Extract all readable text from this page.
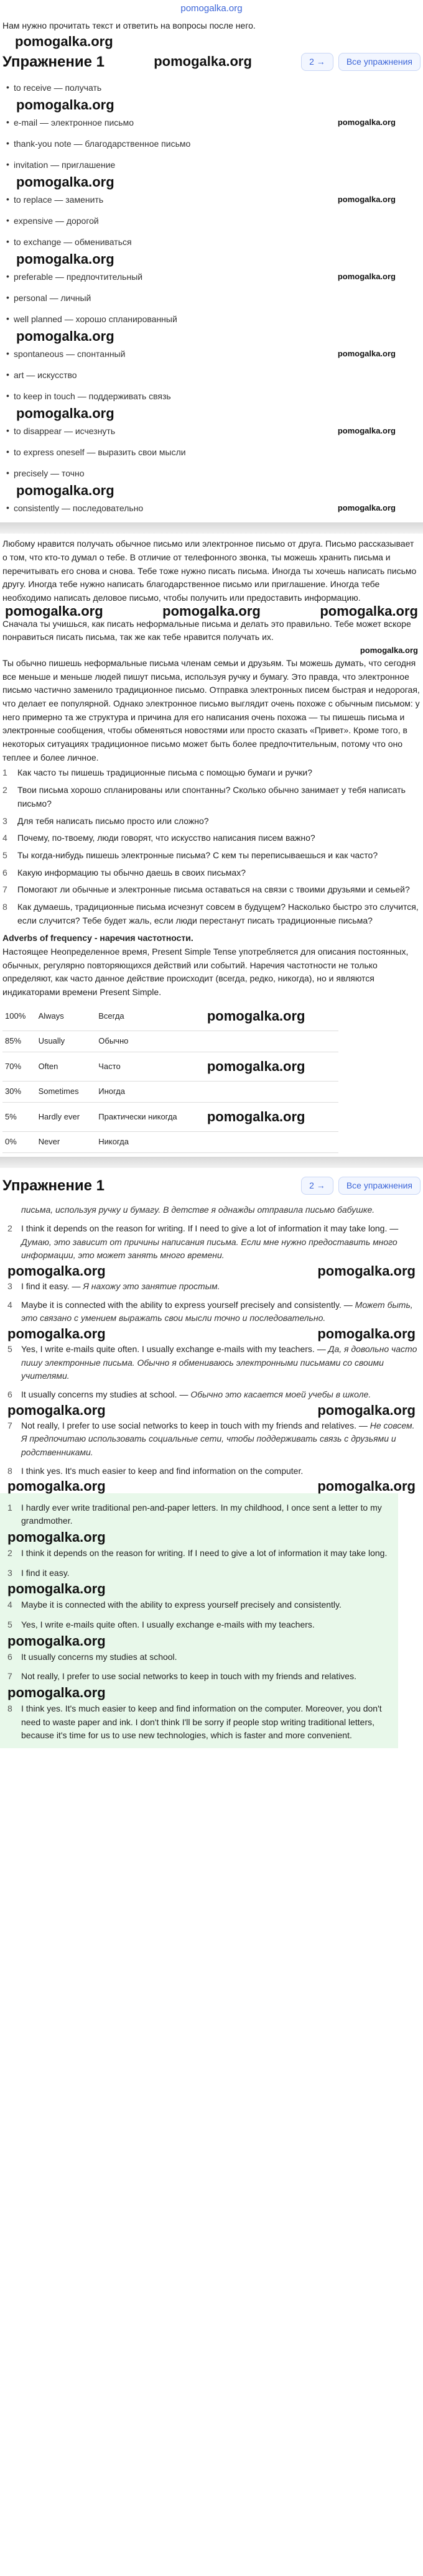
pomogalka.org
Нам нужно прочитать текст и ответить на вопросы после него.
pomogalka.org
Упражнение 1	pomogalka.org	2 →	Все упражнения
• to receive — получать
pomogalka.org
• e-mail — электронное письмо	pomogalka.org
• thank-you note — благодарственное письмо
• invitation — приглашение
pomogalka.org
• to replace — заменить	pomogalka.org
• expensive — дорогой
• to exchange — обмениваться
pomogalka.org
• preferable — предпочтительный	pomogalka.org
• personal — личный
• well planned — хорошо спланированный
pomogalka.org
• spontaneous — спонтанный	pomogalka.org
• art — искусство
• to keep in touch — поддерживать связь
pomogalka.org
• to disappear — исчезнуть	pomogalka.org
• to express oneself — выразить свои мысли
• precisely — точно
pomogalka.org
• consistently — последовательно	pomogalka.org

Любому нравится получать обычное письмо или электронное письмо от друга. Письмо рассказывает о том, что кто-то думал о тебе. В отличие от телефонного звонка, ты можешь хранить письма и перечитывать его снова и снова. Тебе тоже нужно писать письма. Иногда ты хочешь написать письмо другу. Иногда тебе нужно написать благодарственное письмо или приглашение. Иногда тебе необходимо написать деловое письмо, чтобы получить или предоставить информацию.

pomogalka.org	pomogalka.org	pomogalka.org

Сначала ты учишься, как писать неформальные письма и делать это правильно. Тебе может вскоре понравиться писать письма, так же как тебе нравится получать их.

pomogalka.org

Ты обычно пишешь неформальные письма членам семьи и друзьям. Ты можешь думать, что сегодня все меньше и меньше людей пишут письма, используя ручку и бумагу. Это правда, что электронное письмо частично заменило традиционное письмо. Отправка электронных писем быстрая и недорогая, что делает ее популярной. Однако электронное письмо выглядит очень похоже с обычным письмом: у него примерно та же структура и причина для его написания очень похожа — ты пишешь письма и электронные сообщения, чтобы обменяться новостями или просто сказать «Привет». Кроме того, в некоторых ситуациях традиционное письмо может быть более предпочтительным, потому что оно теплее и более личное.

1	Как часто ты пишешь традиционные письма с помощью бумаги и ручки?
2	Твои письма хорошо спланированы или спонтанны? Сколько обычно занимает у тебя написать письмо?
3	Для тебя написать письмо просто или сложно?
4	Почему, по-твоему, люди говорят, что искусство написания писем важно?
5	Ты когда-нибудь пишешь электронные письма? С кем ты переписываешься и как часто?
6	Какую информацию ты обычно даешь в своих письмах?
7	Помогают ли обычные и электронные письма оставаться на связи с твоими друзьями и семьей?
8	Как думаешь, традиционные письма исчезнут совсем в будущем? Насколько быстро это случится, если случится? Тебе будет жаль, если люди перестанут писать традиционные письма?
Adverbs of frequency - наречия частотности.

Настоящее Неопределенное время, Present Simple Tense употребляется для описания постоянных, обычных, регулярно повторяющихся действий или событий. Наречия частотности не только определяют, как часто данное действие происходит (всегда, редко, никогда), но и являются индикаторами времени Present Simple.

100%	Always	Всегда	pomogalka.org
85%	Usually	Обычно	
70%	Often	Часто	pomogalka.org
30%	Sometimes	Иногда	
5%	Hardly ever	Практически никогда	pomogalka.org
0%	Never	Никогда	
Упражнение 1	2 →	Все упражнения
письма, используя ручку и бумагу. В детстве я однажды отправила письмо бабушке.
2	I think it depends on the reason for writing. If I need to give a lot of information it may take long. — Думаю, это зависит от причины написания письма. Если мне нужно предоставить много информации, это может занять много времени.
pomogalka.org	pomogalka.org
3	I find it easy. — Я нахожу это занятие простым.
4	Maybe it is connected with the ability to express yourself precisely and consistently. — Может быть, это связано с умением выражать свои мысли точно и последовательно.
pomogalka.org	pomogalka.org
5	Yes, I write e-mails quite often. I usually exchange e-mails with my teachers. — Да, я довольно часто пишу электронные письма. Обычно я обмениваюсь электронными письмами со своими учителями.
6	It usually concerns my studies at school. — Обычно это касается моей учебы в школе.
pomogalka.org	pomogalka.org
7	Not really, I prefer to use social networks to keep in touch with my friends and relatives. — Не совсем. Я предпочитаю использовать социальные сети, чтобы поддерживать связь с друзьями и родственниками.
8	I think yes. It's much easier to keep and find information on the computer.
pomogalka.org	pomogalka.org
1	I hardly ever write traditional pen-and-paper letters. In my childhood, I once sent a letter to my grandmother.
pomogalka.org
2	I think it depends on the reason for writing. If I need to give a lot of information it may take long.
3	I find it easy.
pomogalka.org
4	Maybe it is connected with the ability to express yourself precisely and consistently.
5	Yes, I write e-mails quite often. I usually exchange e-mails with my teachers.
pomogalka.org
6	It usually concerns my studies at school.
7	Not really, I prefer to use social networks to keep in touch with my friends and relatives.
pomogalka.org
8	I think yes. It's much easier to keep and find information on the computer. Moreover, you don't need to waste paper and ink. I don't think I'll be sorry if people stop writing traditional letters, because it's time for us to use new technologies, which is faster and more convenient.
